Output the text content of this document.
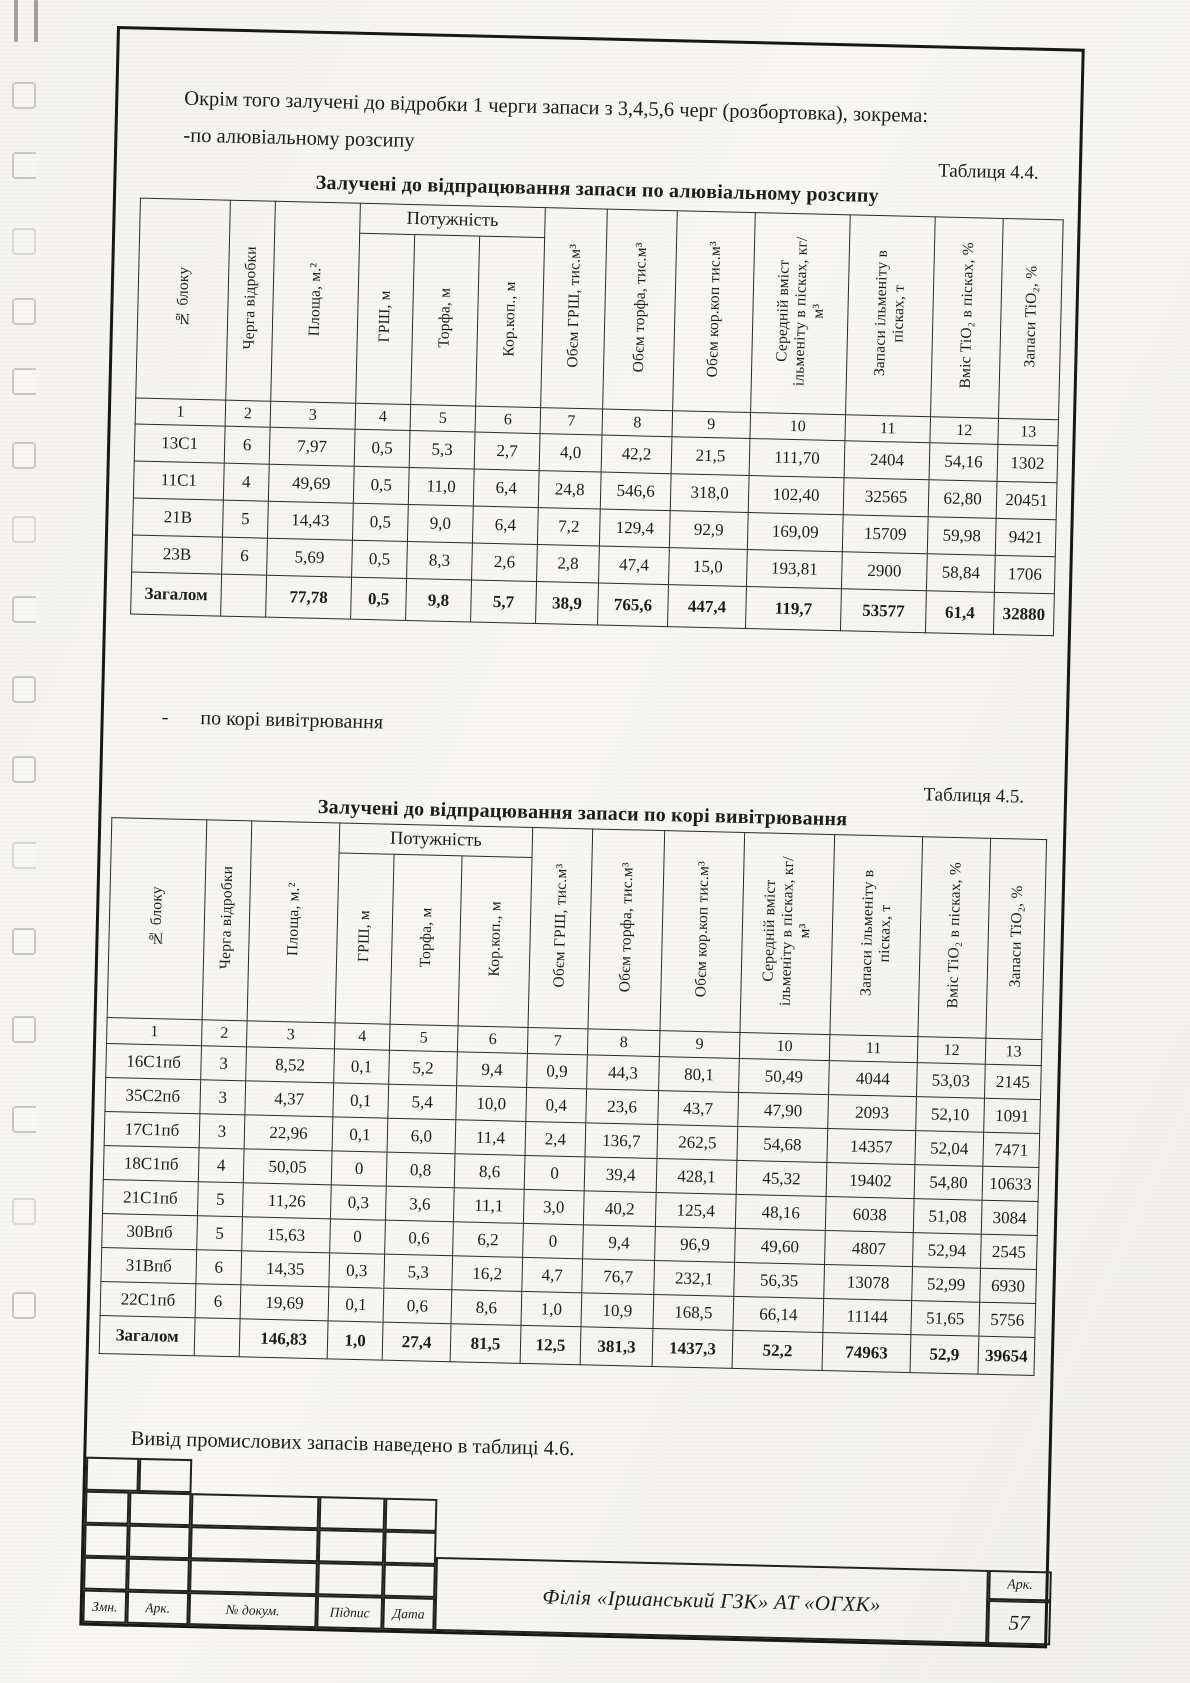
Окрім того залучені до відробки 1 черги запаси з 3,4,5,6 черг (розбортовка), зокрема:
-по алювіальному розсипу

Таблиця 4.4.
Залучені до відпрацювання запаси по алювіальному розсипу
№ блоку	Черга відробки	Площа, м.²	Потужність			Обєм ГРШ, тис.м³	Обєм торфа, тис.м³	Обєм кор.коп тис.м³	Середній вміст ільменіту в пісках, кг/м³	Запаси ільменіту в пісках, т	Вміс TiO₂ в пісках, %	Запаси TiO₂, %
			ГРШ, м	Торфа, м	Кор.коп., м							
1	2	3	4	5	6	7	8	9	10	11	12	13
13С1	6	7,97	0,5	5,3	2,7	4,0	42,2	21,5	111,70	2404	54,16	1302
11С1	4	49,69	0,5	11,0	6,4	24,8	546,6	318,0	102,40	32565	62,80	20451
21В	5	14,43	0,5	9,0	6,4	7,2	129,4	92,9	169,09	15709	59,98	9421
23В	6	5,69	0,5	8,3	2,6	2,8	47,4	15,0	193,81	2900	58,84	1706
Загалом		77,78	0,5	9,8	5,7	38,9	765,6	447,4	119,7	53577	61,4	32880
- по корі вивітрювання
Таблиця 4.5.
Залучені до відпрацювання запаси по корі вивітрювання
№ блоку	Черга відробки	Площа, м.²	Потужність			Обєм ГРШ, тис.м³	Обєм торфа, тис.м³	Обєм кор.коп тис.м³	Середній вміст ільменіту в пісках, кг/м³	Запаси ільменіту в пісках, т	Вміс TiO₂ в пісках, %	Запаси TiO₂, %
			ГРШ, м	Торфа, м	Кор.коп., м							
1	2	3	4	5	6	7	8	9	10	11	12	13
16С1пб	3	8,52	0,1	5,2	9,4	0,9	44,3	80,1	50,49	4044	53,03	2145
35С2пб	3	4,37	0,1	5,4	10,0	0,4	23,6	43,7	47,90	2093	52,10	1091
17С1пб	3	22,96	0,1	6,0	11,4	2,4	136,7	262,5	54,68	14357	52,04	7471
18С1пб	4	50,05	0	0,8	8,6	0	39,4	428,1	45,32	19402	54,80	10633
21С1пб	5	11,26	0,3	3,6	11,1	3,0	40,2	125,4	48,16	6038	51,08	3084
30Впб	5	15,63	0	0,6	6,2	0	9,4	96,9	49,60	4807	52,94	2545
31Впб	6	14,35	0,3	5,3	16,2	4,7	76,7	232,1	56,35	13078	52,99	6930
22С1пб	6	19,69	0,1	0,6	8,6	1,0	10,9	168,5	66,14	11144	51,65	5756
Загалом		146,83	1,0	27,4	81,5	12,5	381,3	1437,3	52,2	74963	52,9	39654
Вивід промислових запасів наведено в таблиці 4.6.
Змн.	Арк.	№ докум.	Підпис	Дата	Філія «Іршанський ГЗК» АТ «ОГХК»	Арк.
57
